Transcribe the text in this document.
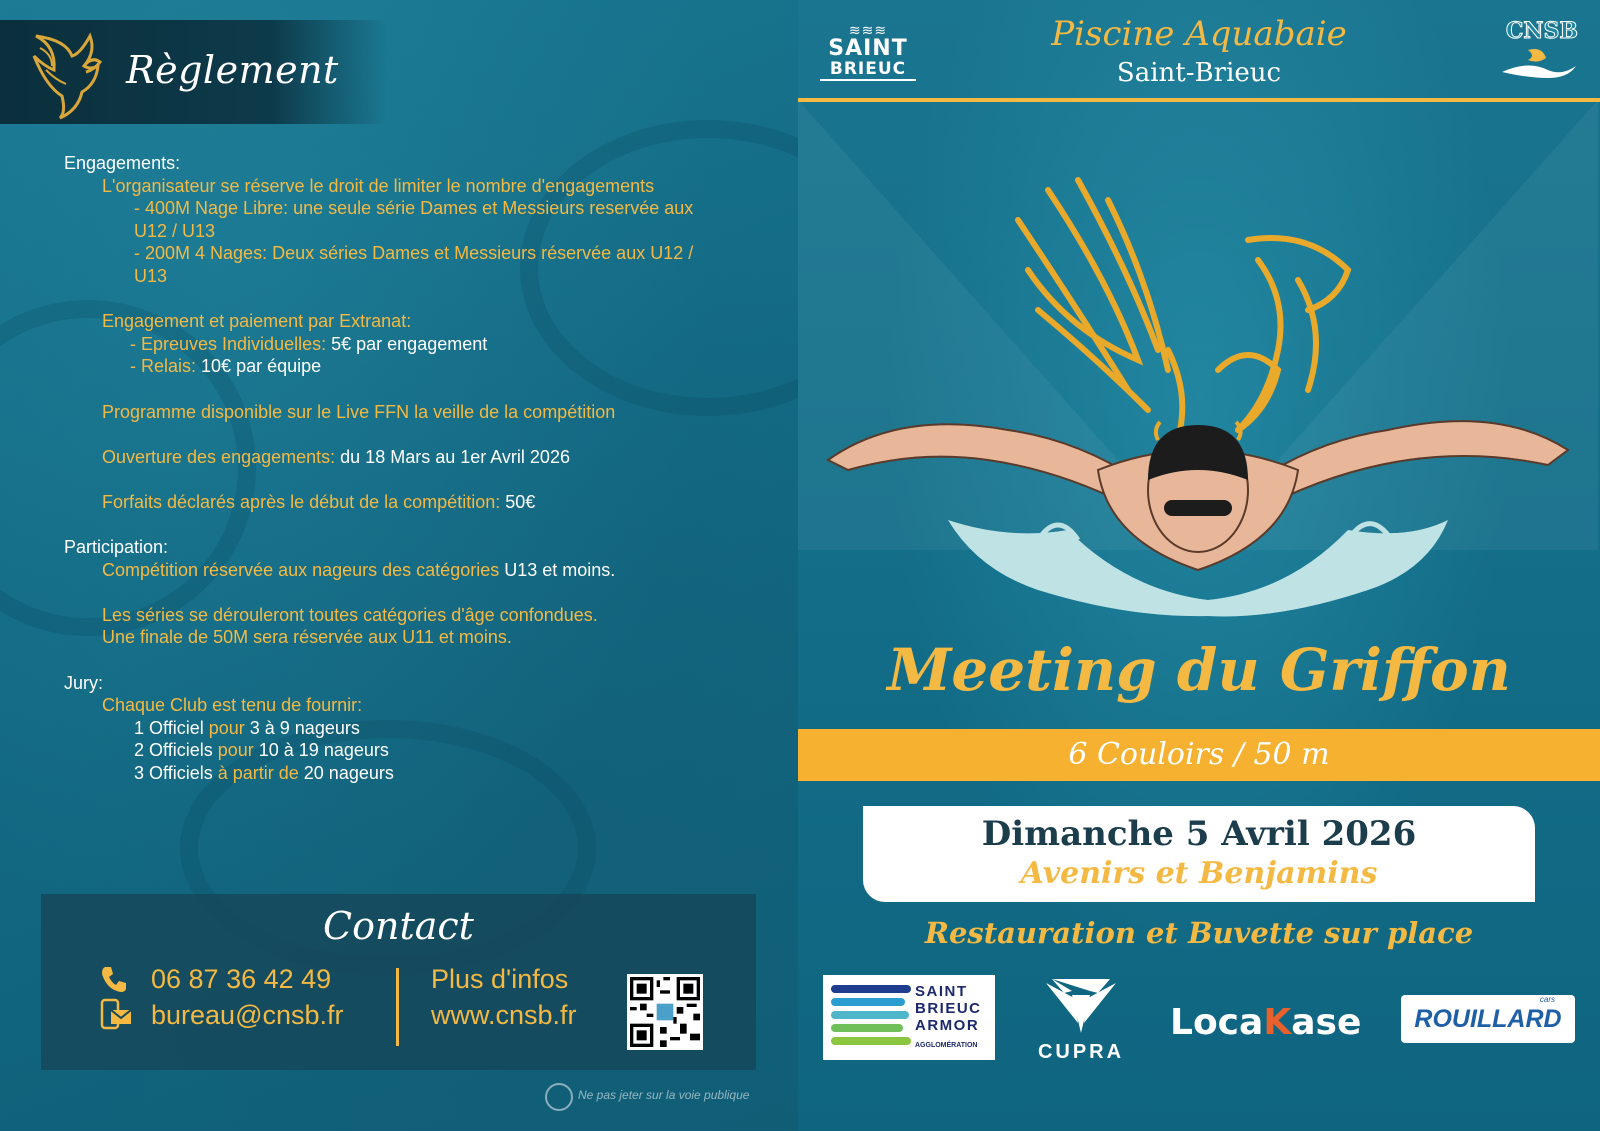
Règlement
Engagements:
L'organisateur se réserve le droit de limiter le nombre d'engagements
- 400M Nage Libre: une seule série Dames et Messieurs reservée aux
U12 / U13
- 200M 4 Nages: Deux séries Dames et Messieurs réservée aux U12 /
U13
Engagement et paiement par Extranat:
- Epreuves Individuelles: 5€ par engagement
- Relais: 10€ par équipe
Programme disponible sur le Live FFN la veille de la compétition
Ouverture des engagements: du 18 Mars au 1er Avril 2026
Forfaits déclarés après le début de la compétition: 50€
Participation:
Compétition réservée aux nageurs des catégories U13 et moins.
Les séries se dérouleront toutes catégories d'âge confondues.
Une finale de 50M sera réservée aux U11 et moins.
Jury:
Chaque Club est tenu de fournir:
1 Officiel pour 3 à 9 nageurs
2 Officiels pour 10 à 19 nageurs
3 Officiels à partir de 20 nageurs
Contact
06 87 36 42 49
bureau@cnsb.fr
Plus d'infos
www.cnsb.fr
Ne pas jeter sur la voie publique
≋≋≋
SAINT
BRIEUC
Piscine Aquabaie
Saint-Brieuc
CNSB
Meeting du Griffon
6 Couloirs / 50 m
Dimanche 5 Avril 2026
Avenirs et Benjamins
Restauration et Buvette sur place
SAINT
BRIEUC
ARMOR
AGGLOMÉRATION	CUPRA
LocaKase
cars
ROUILLARD
